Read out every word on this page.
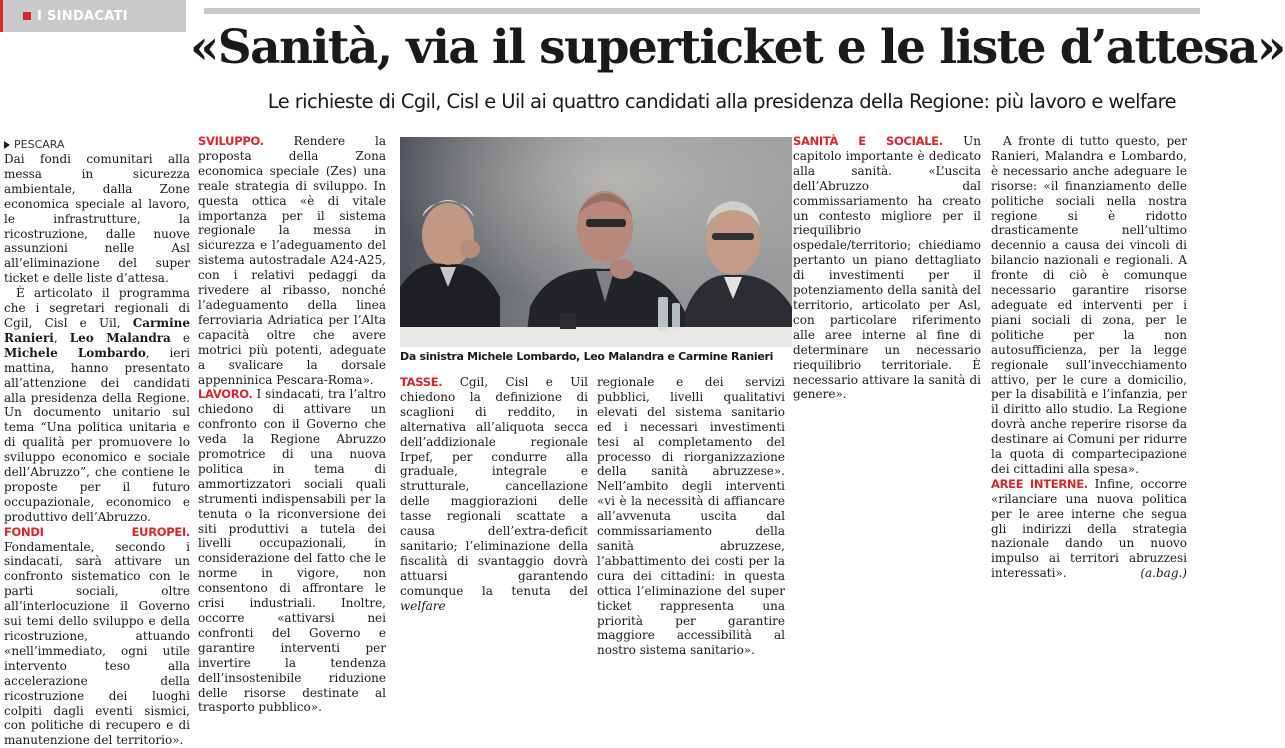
I SINDACATI
«Sanità, via il superticket e le liste d’attesa»
Le richieste di Cgil, Cisl e Uil ai quattro candidati alla presidenza della Regione: più lavoro e welfare
PESCARA
Da sinistra Michele Lombardo, Leo Malandra e Carmine Ranieri

Dai fondi comunitari alla messa in sicurezza ambientale, dalla Zone economica speciale al lavoro, le infrastrutture, la ricostruzione, dalle nuove assunzioni nelle Asl all’eliminazione del super ticket e delle liste d’attesa.

È articolato il programma che i segretari regionali di Cgil, Cisl e Uil, Carmine Ranieri, Leo Malandra e Michele Lombardo, ieri mattina, hanno presentato all’attenzione dei candidati alla presidenza della Regione. Un documento unitario sul tema “Una politica unitaria e di qualità per promuovere lo sviluppo economico e sociale dell’Abruzzo”, che contiene le proposte per il futuro occupazionale, economico e produttivo dell’Abruzzo.

FONDI EUROPEI. Fondamentale, secondo i sindacati, sarà attivare un confronto sistematico con le parti sociali, oltre all’interlocuzione il Governo sui temi dello sviluppo e della ricostruzione, attuando «nell’immediato, ogni utile intervento teso alla accelerazione della ricostruzione dei luoghi colpiti dagli eventi sismici, con politiche di recupero e di manutenzione del territorio».

SVILUPPO. Rendere la proposta della Zona economica speciale (Zes) una reale strategia di sviluppo. In questa ottica «è di vitale importanza per il sistema regionale la messa in sicurezza e l’adeguamento del sistema autostradale A24-A25, con i relativi pedaggi da rivedere al ribasso, nonché l’adeguamento della linea ferroviaria Adriatica per l’Alta capacità oltre che avere motrici più potenti, adeguate a svalicare la dorsale appenninica Pescara-Roma».

LAVORO. I sindacati, tra l’altro chiedono di attivare un confronto con il Governo che veda la Regione Abruzzo promotrice di una nuova politica in tema di ammortizzatori sociali quali strumenti indispensabili per la tenuta o la riconversione dei siti produttivi a tutela dei livelli occupazionali, in considerazione del fatto che le norme in vigore, non consentono di affrontare le crisi industriali. Inoltre, occorre «attivarsi nei confronti del Governo e garantire interventi per invertire la tendenza dell’insostenibile riduzione delle risorse destinate al trasporto pubblico».

TASSE. Cgil, Cisl e Uil chiedono la definizione di scaglioni di reddito, in alternativa all’aliquota secca dell’addizionale regionale Irpef, per condurre alla graduale, integrale e strutturale, cancellazione delle maggiorazioni delle tasse regionali scattate a causa dell’extra-deficit sanitario; l’eliminazione della fiscalità di svantaggio dovrà attuarsi garantendo comunque la tenuta del welfare

regionale e dei servizi pubblici, livelli qualitativi elevati del sistema sanitario ed i necessari investimenti tesi al completamento del processo di riorganizzazione della sanità abruzzese». Nell’ambito degli interventi «vi è la necessità di affiancare all’avvenuta uscita dal commissariamento della sanità abruzzese, l’abbattimento dei costi per la cura dei cittadini: in questa ottica l’eliminazione del super ticket rappresenta una priorità per garantire maggiore accessibilità al nostro sistema sanitario».

SANITÀ E SOCIALE. Un capitolo importante è dedicato alla sanità. «L’uscita dell’Abruzzo dal commissariamento ha creato un contesto migliore per il riequilibrio ospedale/territorio; chiediamo pertanto un piano dettagliato di investimenti per il potenziamento della sanità del territorio, articolato per Asl, con particolare riferimento alle aree interne al fine di determinare un necessario riequilibrio territoriale. È necessario attivare la sanità di genere».

A fronte di tutto questo, per Ranieri, Malandra e Lombardo, è necessario anche adeguare le risorse: «il finanziamento delle politiche sociali nella nostra regione si è ridotto drasticamente nell’ultimo decennio a causa dei vincoli di bilancio nazionali e regionali. A fronte di ciò è comunque necessario garantire risorse adeguate ed interventi per i piani sociali di zona, per le politiche per la non autosufficienza, per la legge regionale sull’invecchiamento attivo, per le cure a domicilio, per la disabilità e l’infanzia, per il diritto allo studio. La Regione dovrà anche reperire risorse da destinare ai Comuni per ridurre la quota di compartecipazione dei cittadini alla spesa».

AREE INTERNE. Infine, occorre «rilanciare una nuova politica per le aree interne che segua gli indirizzi della strategia nazionale dando un nuovo impulso ai territori abruzzesi interessati».	(a.bag.)
